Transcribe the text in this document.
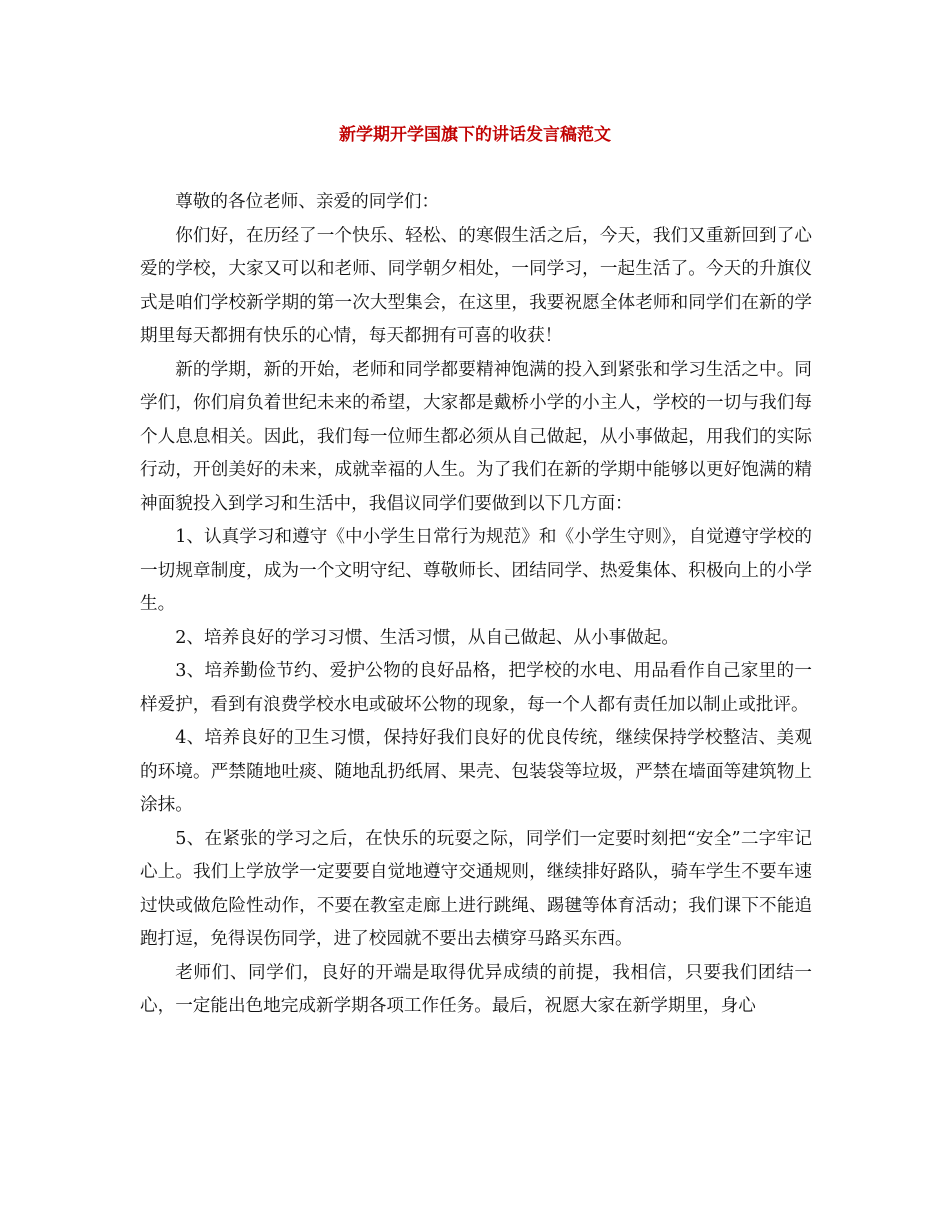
新学期开学国旗下的讲话发言稿范文

尊敬的各位老师、亲爱的同学们：

你们好，在历经了一个快乐、轻松、的寒假生活之后，今天，我们又重新回到了心爱的学校，大家又可以和老师、同学朝夕相处，一同学习，一起生活了。今天的升旗仪式是咱们学校新学期的第一次大型集会，在这里，我要祝愿全体老师和同学们在新的学期里每天都拥有快乐的心情，每天都拥有可喜的收获！

新的学期，新的开始，老师和同学都要精神饱满的投入到紧张和学习生活之中。同学们，你们肩负着世纪未来的希望，大家都是戴桥小学的小主人，学校的一切与我们每个人息息相关。因此，我们每一位师生都必须从自己做起，从小事做起，用我们的实际行动，开创美好的未来，成就幸福的人生。为了我们在新的学期中能够以更好饱满的精神面貌投入到学习和生活中，我倡议同学们要做到以下几方面：

1、认真学习和遵守《中小学生日常行为规范》和《小学生守则》，自觉遵守学校的一切规章制度，成为一个文明守纪、尊敬师长、团结同学、热爱集体、积极向上的小学生。

2、培养良好的学习习惯、生活习惯，从自己做起、从小事做起。

3、培养勤俭节约、爱护公物的良好品格，把学校的水电、用品看作自己家里的一样爱护，看到有浪费学校水电或破坏公物的现象，每一个人都有责任加以制止或批评。

4、培养良好的卫生习惯，保持好我们良好的优良传统，继续保持学校整洁、美观的环境。严禁随地吐痰、随地乱扔纸屑、果壳、包装袋等垃圾，严禁在墙面等建筑物上涂抹。

5、在紧张的学习之后，在快乐的玩耍之际，同学们一定要时刻把“安全”二字牢记心上。我们上学放学一定要要自觉地遵守交通规则，继续排好路队，骑车学生不要车速过快或做危险性动作，不要在教室走廊上进行跳绳、踢毽等体育活动；我们课下不能追跑打逗，免得误伤同学，进了校园就不要出去横穿马路买东西。

老师们、同学们，良好的开端是取得优异成绩的前提，我相信，只要我们团结一心，一定能出色地完成新学期各项工作任务。最后，祝愿大家在新学期里，身心
